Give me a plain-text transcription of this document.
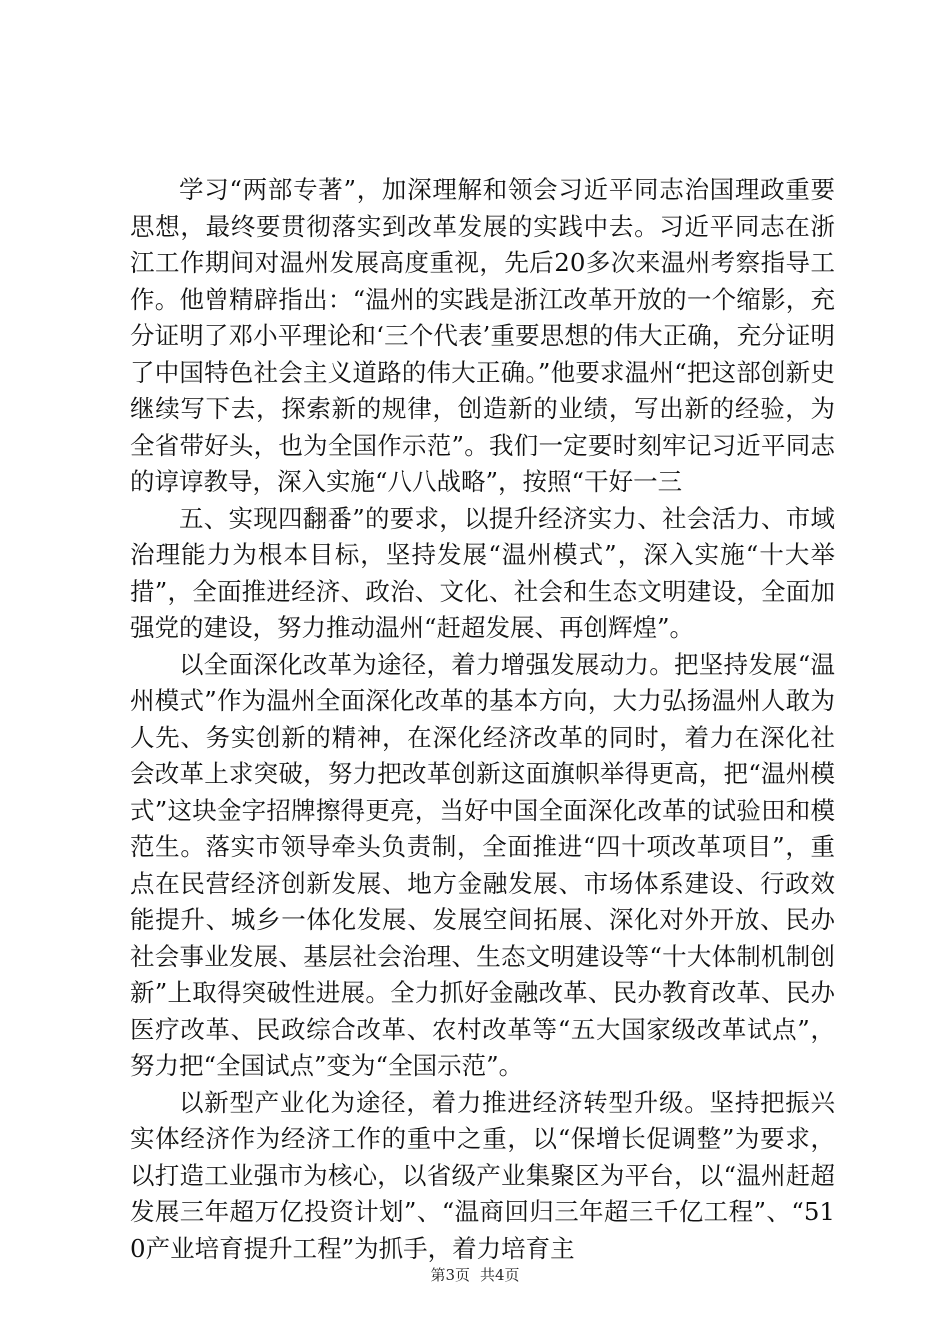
学习“两部专著”，加深理解和领会习近平同志治国理政重要思想，最终要贯彻落实到改革发展的实践中去。习近平同志在浙江工作期间对温州发展高度重视，先后20多次来温州考察指导工作。他曾精辟指出：“温州的实践是浙江改革开放的一个缩影，充分证明了邓小平理论和‘三个代表’重要思想的伟大正确，充分证明了中国特色社会主义道路的伟大正确。”他要求温州“把这部创新史继续写下去，探索新的规律，创造新的业绩，写出新的经验，为全省带好头，也为全国作示范”。我们一定要时刻牢记习近平同志的谆谆教导，深入实施“八八战略”，按照“干好一三

五、实现四翻番”的要求，以提升经济实力、社会活力、市域治理能力为根本目标，坚持发展“温州模式”，深入实施“十大举措”，全面推进经济、政治、文化、社会和生态文明建设，全面加强党的建设，努力推动温州“赶超发展、再创辉煌”。

以全面深化改革为途径，着力增强发展动力。把坚持发展“温州模式”作为温州全面深化改革的基本方向，大力弘扬温州人敢为人先、务实创新的精神，在深化经济改革的同时，着力在深化社会改革上求突破，努力把改革创新这面旗帜举得更高，把“温州模式”这块金字招牌擦得更亮，当好中国全面深化改革的试验田和模范生。落实市领导牵头负责制，全面推进“四十项改革项目”，重点在民营经济创新发展、地方金融发展、市场体系建设、行政效能提升、城乡一体化发展、发展空间拓展、深化对外开放、民办社会事业发展、基层社会治理、生态文明建设等“十大体制机制创新”上取得突破性进展。全力抓好金融改革、民办教育改革、民办医疗改革、民政综合改革、农村改革等“五大国家级改革试点”，努力把“全国试点”变为“全国示范”。

以新型产业化为途径，着力推进经济转型升级。坚持把振兴实体经济作为经济工作的重中之重，以“保增长促调整”为要求，以打造工业强市为核心，以省级产业集聚区为平台，以“温州赶超发展三年超万亿投资计划”、“温商回归三年超三千亿工程”、“510产业培育提升工程”为抓手，着力培育主

第3页 共4页
